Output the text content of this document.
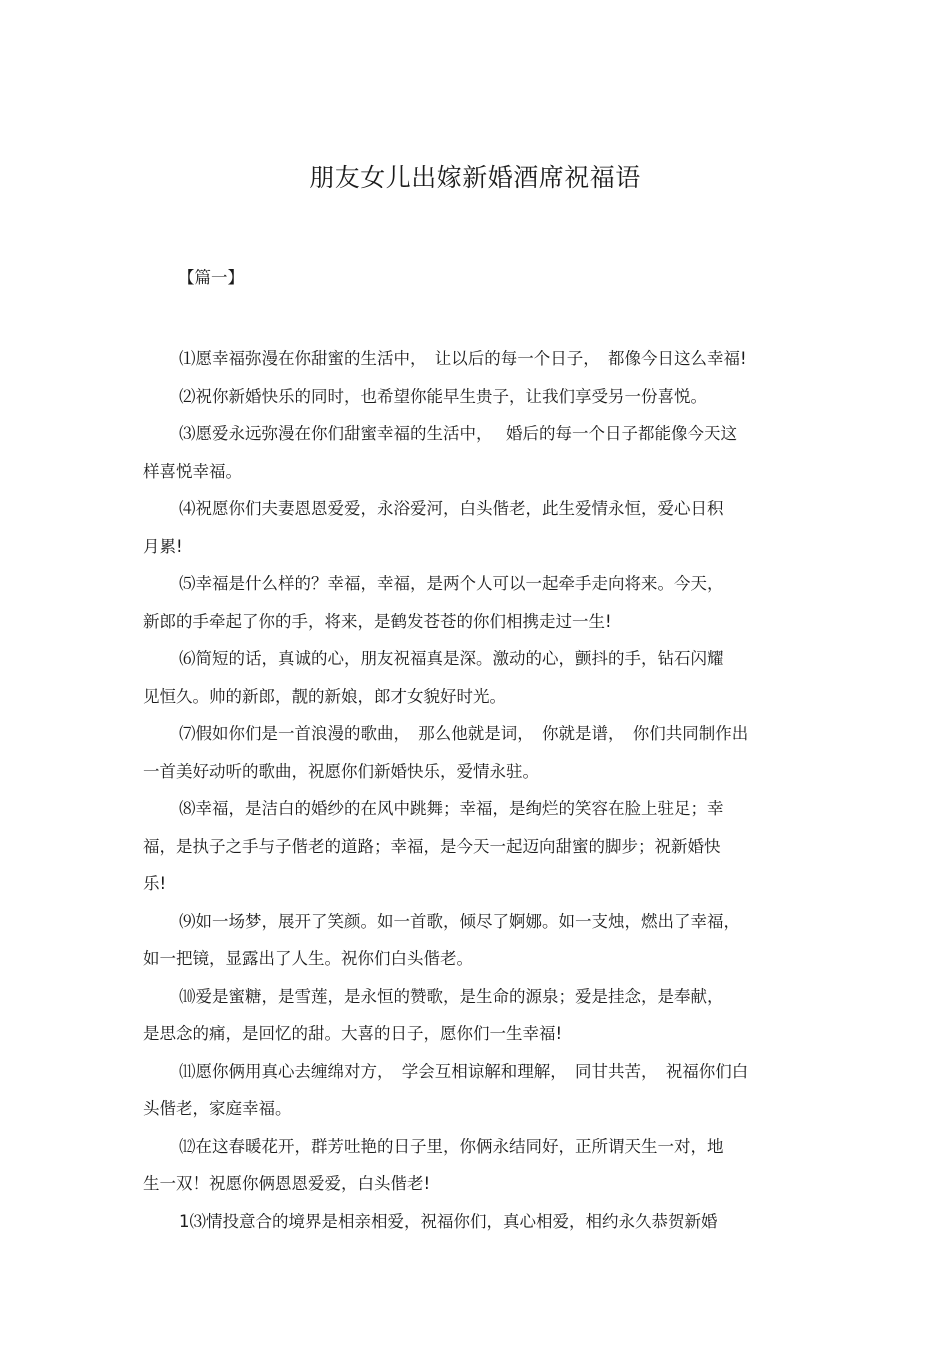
朋友女儿出嫁新婚酒席祝福语
【篇一】

⑴愿幸福弥漫在你甜蜜的生活中，　让以后的每一个日子，　都像今日这么幸福!

⑵祝你新婚快乐的同时，也希望你能早生贵子，让我们享受另一份喜悦。

⑶愿爱永远弥漫在你们甜蜜幸福的生活中，　 婚后的每一个日子都能像今天这
样喜悦幸福。

⑷祝愿你们夫妻恩恩爱爱，永浴爱河，白头偕老，此生爱情永恒，爱心日积
月累!

⑸幸福是什么样的？幸福，幸福，是两个人可以一起牵手走向将来。今天，
新郎的手牵起了你的手，将来，是鹤发苍苍的你们相携走过一生!

⑹简短的话，真诚的心，朋友祝福真是深。激动的心，颤抖的手，钻石闪耀
见恒久。帅的新郎，靓的新娘，郎才女貌好时光。

⑺假如你们是一首浪漫的歌曲，　那么他就是词，　你就是谱，　你们共同制作出
一首美好动听的歌曲，祝愿你们新婚快乐，爱情永驻。

⑻幸福，是洁白的婚纱的在风中跳舞；幸福，是绚烂的笑容在脸上驻足；幸
福，是执子之手与子偕老的道路；幸福，是今天一起迈向甜蜜的脚步；祝新婚快
乐!

⑼如一场梦，展开了笑颜。如一首歌，倾尽了婀娜。如一支烛，燃出了幸福，
如一把镜，显露出了人生。祝你们白头偕老。

⑽爱是蜜糖，是雪莲，是永恒的赞歌，是生命的源泉；爱是挂念，是奉献，
是思念的痛，是回忆的甜。大喜的日子，愿你们一生幸福!

⑾愿你俩用真心去缠绵对方，　学会互相谅解和理解，　同甘共苦，　祝福你们白
头偕老，家庭幸福。

⑿在这春暖花开，群芳吐艳的日子里，你俩永结同好，正所谓天生一对，地
生一双！祝愿你俩恩恩爱爱，白头偕老!

1⑶情投意合的境界是相亲相爱，祝福你们，真心相爱，相约永久恭贺新婚
